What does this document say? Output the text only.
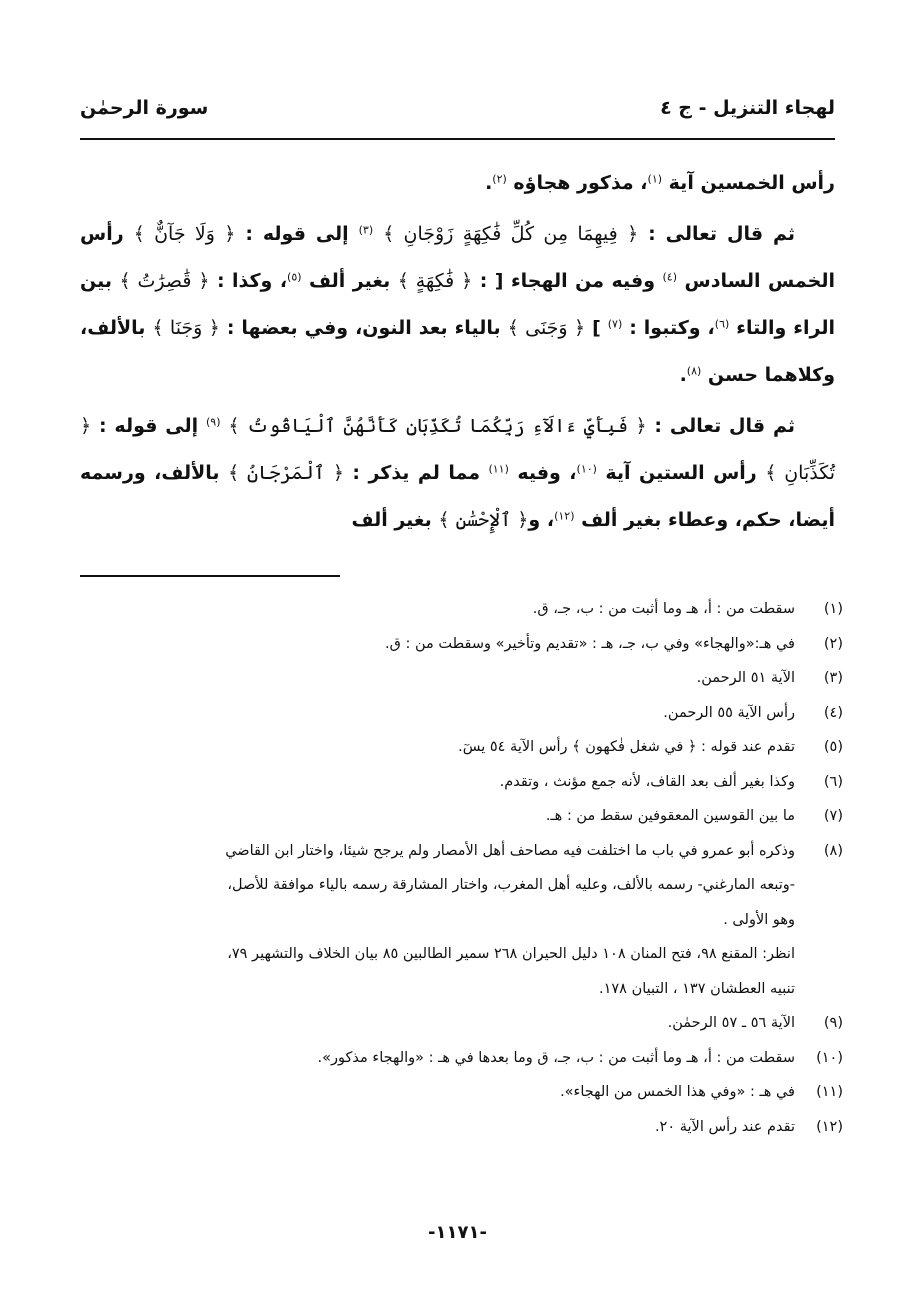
لهجاء التنزيل - ج ٤
سورة الرحمٰن

رأس الخمسين آية $^{(١)}$، مذكور هجاؤه $^{(٢)}$.

ثم قال تعالى : ﴿ فِيهِمَا مِن كُلِّ فَٰكِهَةٍ زَوْجَانِ ﴾ $^{(٣)}$ إلى قوله : ﴿ وَلَا جَآنٌّ ﴾ رأس الخمس السادس $^{(٤)}$ وفيه من الهجاء [ : ﴿ فَٰكِهَةٍ ﴾ بغير ألف $^{(٥)}$، وكذا : ﴿ قَٰصِرَٰتُ ﴾ بين الراء والتاء $^{(٦)}$، وكتبوا : $^{(٧)}$ ] ﴿ وَجَنَى ﴾ بالياء بعد النون، وفي بعضها : ﴿ وَجَنَا ﴾ بالألف، وكلاهما حسن $^{(٨)}$.

ثم قال تعالى : ﴿ فَبِأَيِّ ءَالَآءِ رَبِّكُمَا تُكَذِّبَانِ كَأَنَّهُنَّ ٱلْيَاقُوتُ ﴾ $^{(٩)}$ إلى قوله : ﴿ تُكَذِّبَانِ ﴾ رأس الستين آية $^{(١٠)}$، وفيه $^{(١١)}$ مما لم يذكر : ﴿ ٱلْمَرْجَانُ ﴾ بالألف، ورسمه أيضا، حكم، وعطاء بغير ألف $^{(١٢)}$، و﴿ ٱلْإِحْسَٰنِ ﴾ بغير ألف

(١)
سقطت من : أ، هـ وما أثبت من : ب، جـ، ق.
(٢)
في هـ:«والهجاء» وفي ب، جـ، هـ : «تقديم وتأخير» وسقطت من : ق.
(٣)
الآية ٥١ الرحمن.
(٤)
رأس الآية ٥٥ الرحمن.
(٥)
تقدم عند قوله : ﴿ في شغل فٰكهون ﴾ رأس الآية ٥٤ يسٓ.
(٦)
وكذا بغير ألف بعد القاف، لأنه جمع مؤنث ، وتقدم.
(٧)
ما بين القوسين المعقوفين سقط من : هـ.
(٨)
وذكره أبو عمرو في باب ما اختلفت فيه مصاحف أهل الأمصار ولم يرجح شيئا، واختار ابن القاضي
-وتبعه المارغني- رسمه بالألف، وعليه أهل المغرب، واختار المشارقة رسمه بالياء موافقة للأصل،
وهو الأولى .
انظر: المقنع ٩٨، فتح المنان ١٠٨ دليل الحيران ٢٦٨ سمير الطالبين ٨٥ بيان الخلاف والتشهير ٧٩،
تنبيه العطشان ١٣٧ ، التبيان ١٧٨.
(٩)
الآية ٥٦ ـ ٥٧ الرحمٰن.
(١٠)
سقطت من : أ، هـ وما أثبت من : ب، جـ، ق وما بعدها في هـ : «والهجاء مذكور».
(١١)
في هـ : «وفي هذا الخمس من الهجاء».
(١٢)
تقدم عند رأس الآية ٢٠.
-١١٧١-
